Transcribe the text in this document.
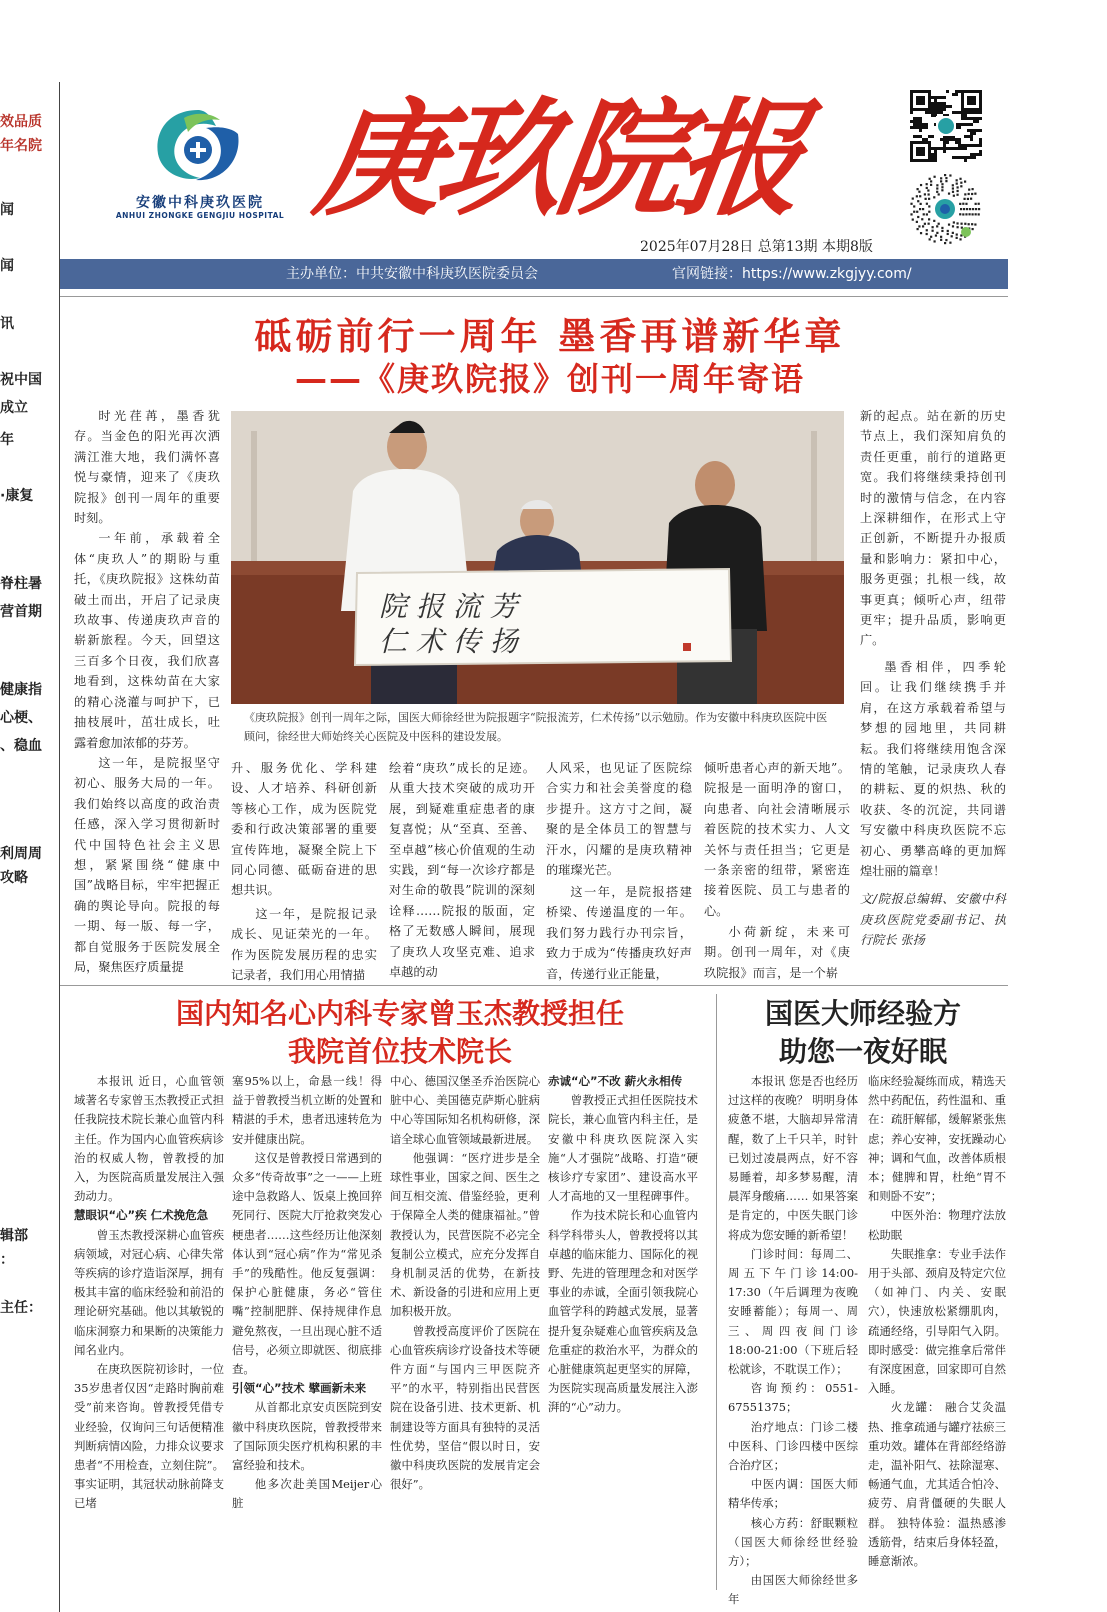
效品质
年名院
闻
闻
讯
祝中国
成立
年
·康复
脊柱暑
营首期
健康指
心梗、
、稳血
利周周
攻略
辑部
：
主任：
安徽中科庚玖医院
ANHUI ZHONGKE GENGJIU HOSPITAL 庚玖院报
2025年07月28日 总第13期 本期8版
主办单位：中共安徽中科庚玖医院委员会	官网链接：https://www.zkgjyy.com/
砥砺前行一周年 墨香再谱新华章
——《庚玖院报》创刊一周年寄语

时光荏苒，墨香犹存。当金色的阳光再次洒满江淮大地，我们满怀喜悦与豪情，迎来了《庚玖院报》创刊一周年的重要时刻。

一年前，承载着全体“庚玖人”的期盼与重托，《庚玖院报》这株幼苗破土而出，开启了记录庚玖故事、传递庚玖声音的崭新旅程。今天，回望这三百多个日夜，我们欣喜地看到，这株幼苗在大家的精心浇灌与呵护下，已抽枝展叶，茁壮成长，吐露着愈加浓郁的芬芳。

这一年，是院报坚守初心、服务大局的一年。我们始终以高度的政治责任感，深入学习贯彻新时代中国特色社会主义思想，紧紧围绕“健康中国”战略目标，牢牢把握正确的舆论导向。院报的每一期、每一版、每一字，都自觉服务于医院发展全局，聚焦医疗质量提

院 报 流 芳
仁 术 传 扬
《庚玖院报》创刊一周年之际，国医大师徐经世为院报题字“院报流芳，仁术传扬”以示勉励。作为安徽中科庚玖医院中医顾问，徐经世大师始终关心医院及中医科的建设发展。

升、服务优化、学科建设、人才培养、科研创新等核心工作，成为医院党委和行政决策部署的重要宣传阵地，凝聚全院上下同心同德、砥砺奋进的思想共识。

这一年，是院报记录成长、见证荣光的一年。作为医院发展历程的忠实记录者，我们用心用情描

绘着“庚玖”成长的足迹。从重大技术突破的成功开展，到疑难重症患者的康复喜悦；从“至真、至善、至卓越”核心价值观的生动实践，到“每一次诊疗都是对生命的敬畏”院训的深刻诠释……院报的版面，定格了无数感人瞬间，展现了庚玖人攻坚克难、追求卓越的动

人风采，也见证了医院综合实力和社会美誉度的稳步提升。这方寸之间，凝聚的是全体员工的智慧与汗水，闪耀的是庚玖精神的璀璨光芒。

这一年，是院报搭建桥梁、传递温度的一年。我们努力践行办刊宗旨，致力于成为“传播庚玖好声音，传递行业正能量，

倾听患者心声的新天地”。院报是一面明净的窗口，向患者、向社会清晰展示着医院的技术实力、人文关怀与责任担当；它更是一条亲密的纽带，紧密连接着医院、员工与患者的心。

小荷新绽，未来可期。创刊一周年，对《庚玖院报》而言，是一个崭

新的起点。站在新的历史节点上，我们深知肩负的责任更重，前行的道路更宽。我们将继续秉持创刊时的激情与信念，在内容上深耕细作，在形式上守正创新，不断提升办报质量和影响力：紧扣中心，服务更强；扎根一线，故事更真；倾听心声，纽带更牢；提升品质，影响更广。

墨香相伴，四季轮回。让我们继续携手并肩，在这方承载着希望与梦想的园地里，共同耕耘。我们将继续用饱含深情的笔触，记录庚玖人春的耕耘、夏的炽热、秋的收获、冬的沉淀，共同谱写安徽中科庚玖医院不忘初心、勇攀高峰的更加辉煌壮丽的篇章！

文/院报总编辑、安徽中科庚玖医院党委副书记、执行院长 张扬

国内知名心内科专家曾玉杰教授担任
我院首位技术院长

本报讯 近日，心血管领域著名专家曾玉杰教授正式担任我院技术院长兼心血管内科主任。作为国内心血管疾病诊治的权威人物，曾教授的加入，为医院高质量发展注入强劲动力。

慧眼识“心”疾 仁术挽危急

曾玉杰教授深耕心血管疾病领域，对冠心病、心律失常等疾病的诊疗造诣深厚，拥有极其丰富的临床经验和前沿的理论研究基础。他以其敏锐的临床洞察力和果断的决策能力闻名业内。

在庚玖医院初诊时，一位35岁患者仅因“走路时胸前难受”前来咨询。曾教授凭借专业经验，仅询问三句话便精准判断病情凶险，力排众议要求患者“不用检查，立刻住院”。事实证明，其冠状动脉前降支已堵

塞95%以上，命悬一线！得益于曾教授当机立断的处置和精湛的手术，患者迅速转危为安并健康出院。

这仅是曾教授日常遇到的众多“传奇故事”之一——上班途中急救路人、饭桌上挽回猝死同行、医院大厅抢救突发心梗患者……这些经历让他深刻体认到“冠心病”作为“常见杀手”的残酷性。他反复强调：保护心脏健康，务必“管住嘴”控制肥胖、保持规律作息避免熬夜，一旦出现心脏不适信号，必须立即就医、彻底排查。

引领“心”技术 擘画新未来

从首都北京安贞医院到安徽中科庚玖医院，曾教授带来了国际顶尖医疗机构积累的丰富经验和技术。

他多次赴美国Meijer心脏

中心、德国汉堡圣乔治医院心脏中心、美国德克萨斯心脏病中心等国际知名机构研修，深谙全球心血管领域最新进展。

他强调：“医疗进步是全球性事业，国家之间、医生之间互相交流、借鉴经验，更利于保障全人类的健康福祉。”曾教授认为，民营医院不必完全复制公立模式，应充分发挥自身机制灵活的优势，在新技术、新设备的引进和应用上更加积极开放。

曾教授高度评价了医院在心血管疾病诊疗设备技术等硬件方面“与国内三甲医院齐平”的水平，特别指出民营医院在设备引进、技术更新、机制建设等方面具有独特的灵活性优势，坚信“假以时日，安徽中科庚玖医院的发展肯定会很好”。

赤诚“心”不改 薪火永相传

曾教授正式担任医院技术院长，兼心血管内科主任，是安徽中科庚玖医院深入实施“人才强院”战略、打造“硬核诊疗专家团”、建设高水平人才高地的又一里程碑事件。

作为技术院长和心血管内科学科带头人，曾教授将以其卓越的临床能力、国际化的视野、先进的管理理念和对医学事业的赤诚，全面引领我院心血管学科的跨越式发展，显著提升复杂疑难心血管疾病及急危重症的救治水平，为群众的心脏健康筑起更坚实的屏障，为医院实现高质量发展注入澎湃的“心”动力。

国医大师经验方
助您一夜好眠

本报讯 您是否也经历过这样的夜晚？ 明明身体疲惫不堪，大脑却异常清醒，数了上千只羊，时针已划过凌晨两点，好不容易睡着，却多梦易醒，清晨浑身酸痛…… 如果答案是肯定的，中医失眠门诊将成为您安睡的新希望！

门诊时间：每周二、周五下午门诊14:00-17:30（午后调理为夜晚安睡蓄能）；每周一、周三、周四夜间门诊 18:00-21:00（下班后轻松就诊，不耽误工作）；

咨询预约：0551-67551375；

治疗地点：门诊二楼中医科、门诊四楼中医综合治疗区；

中医内调：国医大师精华传承；

核心方药：舒眠颗粒（国医大师徐经世经验方）；

由国医大师徐经世多年

临床经验凝练而成，精选天然中药配伍，药性温和、重在：疏肝解郁，缓解紧张焦虑；养心安神，安抚躁动心神；调和气血，改善体质根本；健脾和胃，杜绝“胃不和则卧不安”；

中医外治：物理疗法放松助眠

失眠推拿：专业手法作用于头部、颈肩及特定穴位（如神门、内关、安眠穴），快速放松紧绷肌肉，疏通经络，引导阳气入阴。 即时感受：做完推拿后常伴有深度困意，回家即可自然入睡。

火龙罐： 融合艾灸温热、推拿疏通与罐疗祛瘀三重功效。罐体在背部经络游走，温补阳气、祛除湿寒、畅通气血，尤其适合怕冷、疲劳、肩背僵硬的失眠人群。 独特体验：温热感渗透筋骨，结束后身体轻盈，睡意渐浓。
